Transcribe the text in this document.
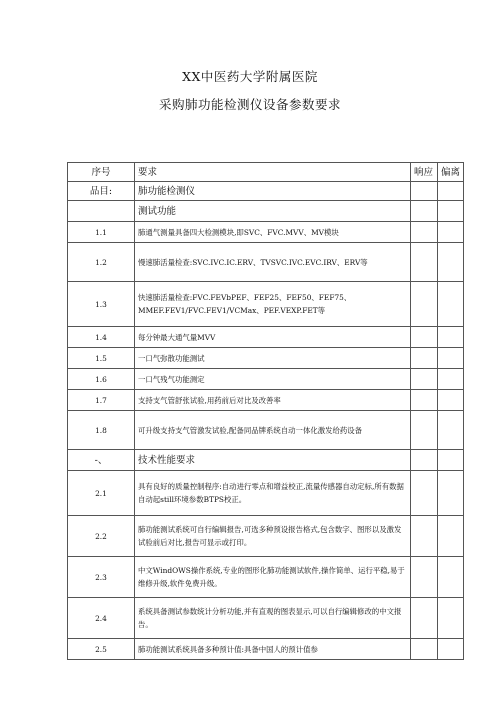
XX中医药大学附属医院
采购肺功能检测仪设备参数要求
序号	要求	响应	偏离
品目:	肺功能检测仪		
	测试功能		
1.1	肺通气测量具备四大检测模块,即SVC、FVC.MVV、MV模块		
1.2	慢速肺活量检查:SVC.IVC.IC.ERV、TVSVC.IVC.EVC.IRV、ERV等		
1.3	快速肺活量检查:FVC.FEVbPEF、FEF25、FEF50、FEF75、MMEF.FEV1/FVC.FEV1/VCMax、PEF.VEXP.FET等		
1.4	每分钟最大通气量MVV		
1.5	一口气弥散功能测试		
1.6	一口气残气功能测定		
1.7	支持支气管舒张试验,用药前后对比及改善率		
1.8	可升级支持支气管激发试验,配备同品牌系统自动一体化激发给药设备		
-、	技术性能要求		
2.1	具有良好的质量控制程序:自动进行零点和增益校正,流量传感器自动定标,所有数据自动起still环境参数BTPS校正。		
2.2	肺功能测试系统可自行编辑报告,可选多种预设报告格式,包含数字、图形以及激发试验前后对比,报告可显示或打印。		
2.3	中文WindOWS操作系统,专业的图形化肺功能测试软件,操作简单、运行平稳,易于维修升级,软件免费升级。		
2.4	系统具备测试参数统计分析功能,并有直观的图表显示,可以自行编辑修改的中文报告。		
2.5	肺功能测试系统具备多种预计值:具备中国人的预计值参		
